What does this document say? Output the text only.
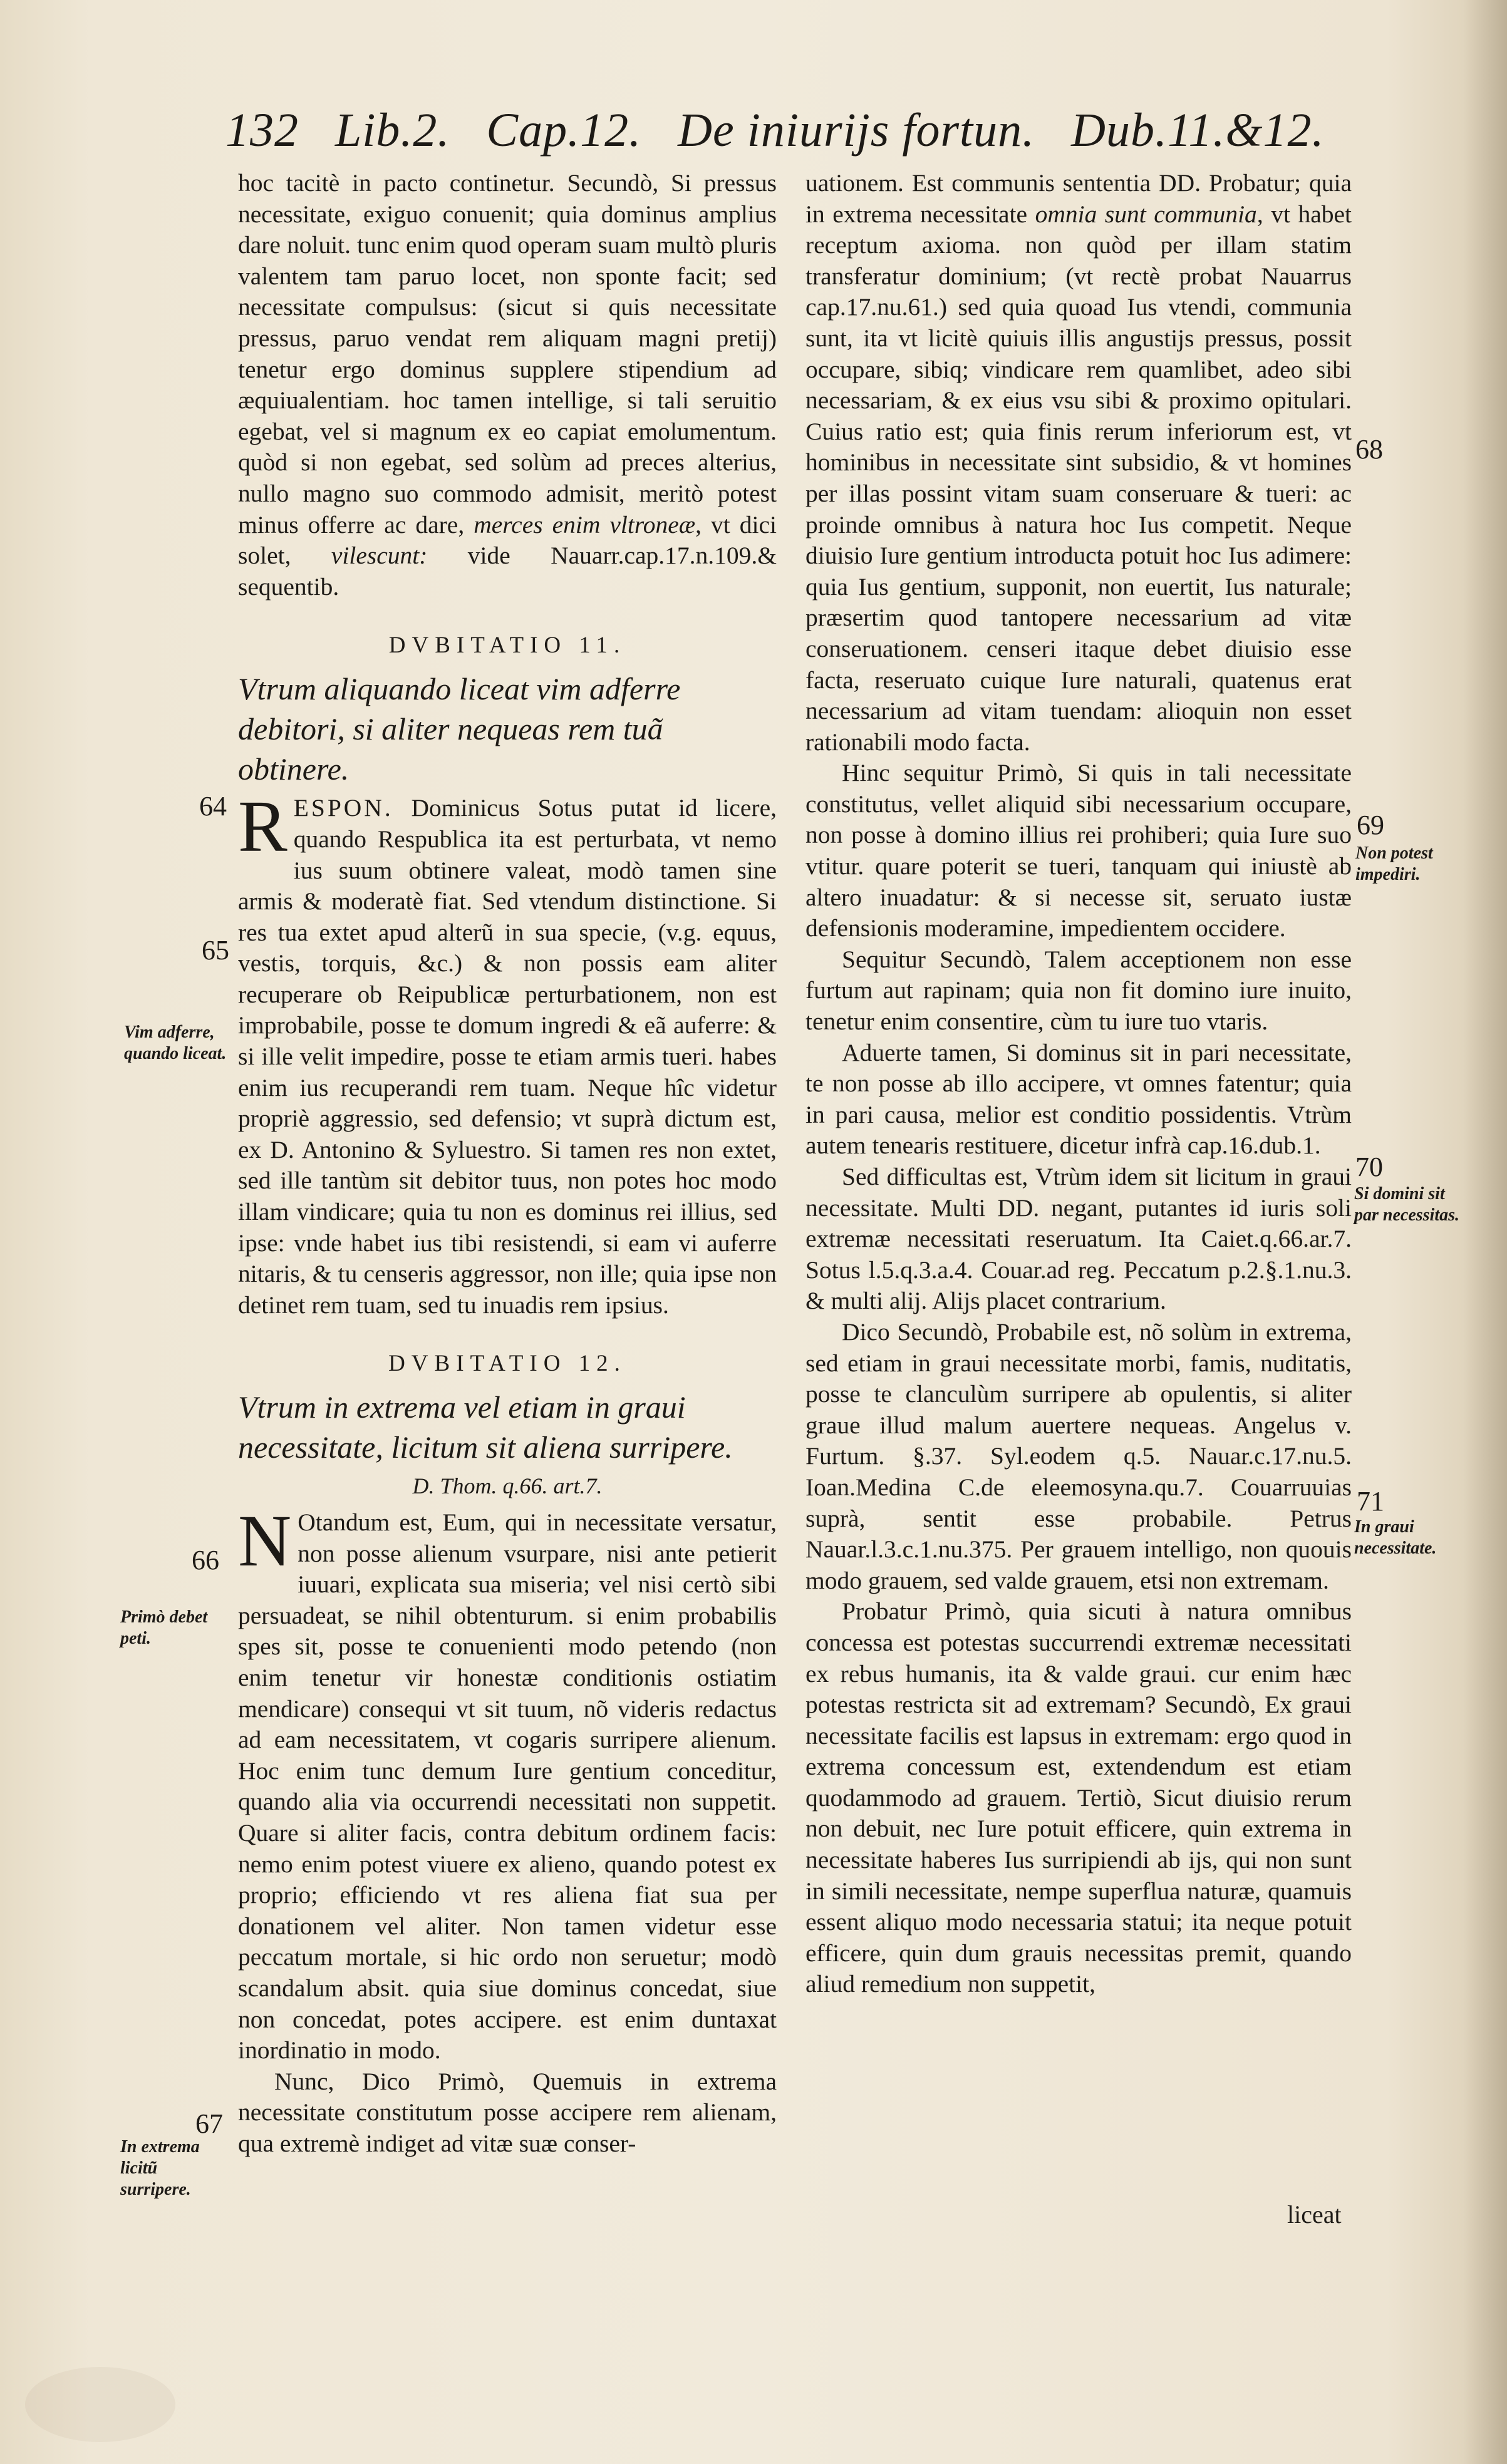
132 Lib.2. Cap.12. De iniurijs fortun. Dub.11.&12.

hoc tacitè in pacto continetur. Secundò, Si pressus necessitate, exiguo conuenit; quia dominus amplius dare noluit. tunc enim quod operam suam multò pluris valentem tam paruo locet, non sponte facit; sed necessitate compulsus: (sicut si quis necessitate pressus, paruo vendat rem aliquam magni pretij) tenetur ergo dominus supplere stipendium ad æquiualentiam. hoc tamen intellige, si tali seruitio egebat, vel si magnum ex eo capiat emolumentum. quòd si non egebat, sed solùm ad preces alterius, nullo magno suo commodo admisit, meritò potest minus offerre ac dare, merces enim vltroneæ, vt dici solet, vilescunt: vide Nauarr.cap.17.n.109.& sequentib.

DVBITATIO 11.
Vtrum aliquando liceat vim adferre debitori, si aliter nequeas rem tuã obtinere.

R ESPON. Dominicus Sotus putat id licere, quando Respublica ita est perturbata, vt nemo ius suum obtinere valeat, modò tamen sine armis & moderatè fiat. Sed vtendum distinctione. Si res tua extet apud alterũ in sua specie, (v.g. equus, vestis, torquis, &c.) & non possis eam aliter recuperare ob Reipublicæ perturbationem, non est improbabile, posse te domum ingredi & eã auferre: & si ille velit impedire, posse te etiam armis tueri. habes enim ius recuperandi rem tuam. Neque hîc videtur propriè aggressio, sed defensio; vt suprà dictum est, ex D. Antonino & Syluestro. Si tamen res non extet, sed ille tantùm sit debitor tuus, non potes hoc modo illam vindicare; quia tu non es dominus rei illius, sed ipse: vnde habet ius tibi resistendi, si eam vi auferre nitaris, & tu censeris aggressor, non ille; quia ipse non detinet rem tuam, sed tu inuadis rem ipsius.

DVBITATIO 12.
Vtrum in extrema vel etiam in graui necessitate, licitum sit aliena surripere.
D. Thom. q.66. art.7.

N Otandum est, Eum, qui in necessitate versatur, non posse alienum vsurpare, nisi ante petierit iuuari, explicata sua miseria; vel nisi certò sibi persuadeat, se nihil obtenturum. si enim probabilis spes sit, posse te conuenienti modo petendo (non enim tenetur vir honestæ conditionis ostiatim mendicare) consequi vt sit tuum, nõ videris redactus ad eam necessitatem, vt cogaris surripere alienum. Hoc enim tunc demum Iure gentium conceditur, quando alia via occurrendi necessitati non suppetit. Quare si aliter facis, contra debitum ordinem facis: nemo enim potest viuere ex alieno, quando potest ex proprio; efficiendo vt res aliena fiat sua per donationem vel aliter. Non tamen videtur esse peccatum mortale, si hic ordo non seruetur; modò scandalum absit. quia siue dominus concedat, siue non concedat, potes accipere. est enim duntaxat inordinatio in modo.

Nunc, Dico Primò, Quemuis in extrema necessitate constitutum posse accipere rem alienam, qua extremè indiget ad vitæ suæ conser-

uationem. Est communis sententia DD. Probatur; quia in extrema necessitate omnia sunt communia, vt habet receptum axioma. non quòd per illam statim transferatur dominium; (vt rectè probat Nauarrus cap.17.nu.61.) sed quia quoad Ius vtendi, communia sunt, ita vt licitè quiuis illis angustijs pressus, possit occupare, sibiq; vindicare rem quamlibet, adeo sibi necessariam, & ex eius vsu sibi & proximo opitulari. Cuius ratio est; quia finis rerum inferiorum est, vt hominibus in necessitate sint subsidio, & vt homines per illas possint vitam suam conseruare & tueri: ac proinde omnibus à natura hoc Ius competit. Neque diuisio Iure gentium introducta potuit hoc Ius adimere: quia Ius gentium, supponit, non euertit, Ius naturale; præsertim quod tantopere necessarium ad vitæ conseruationem. censeri itaque debet diuisio esse facta, reseruato cuique Iure naturali, quatenus erat necessarium ad vitam tuendam: alioquin non esset rationabili modo facta.

Hinc sequitur Primò, Si quis in tali necessitate constitutus, vellet aliquid sibi necessarium occupare, non posse à domino illius rei prohiberi; quia Iure suo vtitur. quare poterit se tueri, tanquam qui iniustè ab altero inuadatur: & si necesse sit, seruato iustæ defensionis moderamine, impedientem occidere.

Sequitur Secundò, Talem acceptionem non esse furtum aut rapinam; quia non fit domino iure inuito, tenetur enim consentire, cùm tu iure tuo vtaris.

Aduerte tamen, Si dominus sit in pari necessitate, te non posse ab illo accipere, vt omnes fatentur; quia in pari causa, melior est conditio possidentis. Vtrùm autem tenearis restituere, dicetur infrà cap.16.dub.1.

Sed difficultas est, Vtrùm idem sit licitum in graui necessitate. Multi DD. negant, putantes id iuris soli extremæ necessitati reseruatum. Ita Caiet.q.66.ar.7. Sotus l.5.q.3.a.4. Couar.ad reg. Peccatum p.2.§.1.nu.3. & multi alij. Alijs placet contrarium.

Dico Secundò, Probabile est, nõ solùm in extrema, sed etiam in graui necessitate morbi, famis, nuditatis, posse te clanculùm surripere ab opulentis, si aliter graue illud malum auertere nequeas. Angelus v. Furtum. §.37. Syl.eodem q.5. Nauar.c.17.nu.5. Ioan.Medina C.de eleemosyna.qu.7. Couarruuias suprà, sentit esse probabile. Petrus Nauar.l.3.c.1.nu.375. Per grauem intelligo, non quouis modo grauem, sed valde grauem, etsi non extremam.

Probatur Primò, quia sicuti à natura omnibus concessa est potestas succurrendi extremæ necessitati ex rebus humanis, ita & valde graui. cur enim hæc potestas restricta sit ad extremam? Secundò, Ex graui necessitate facilis est lapsus in extremam: ergo quod in extrema concessum est, extendendum est etiam quodammodo ad grauem. Tertiò, Sicut diuisio rerum non debuit, nec Iure potuit efficere, quin extrema in necessitate haberes Ius surripiendi ab ijs, qui non sunt in simili necessitate, nempe superflua naturæ, quamuis essent aliquo modo necessaria statui; ita neque potuit efficere, quin dum grauis necessitas premit, quando aliud remedium non suppetit,

liceat
64
65
Vim adferre, quando liceat.
66
Primò debet peti.
67
In extrema licitũ surripere.
68
69
Non potest impediri.
70
Si domini sit par necessitas.
71
In graui necessitate.
